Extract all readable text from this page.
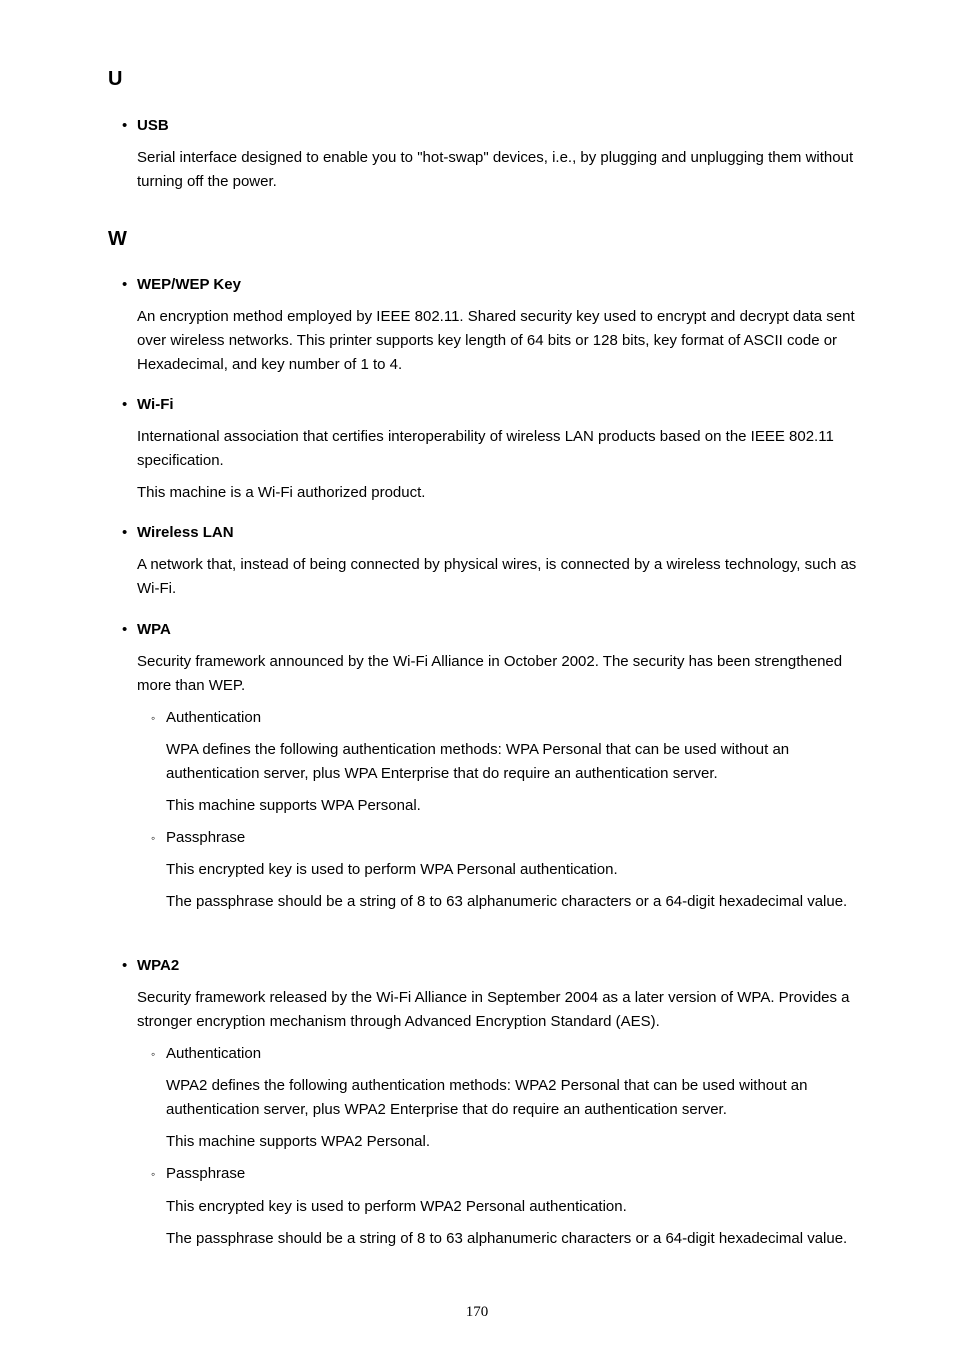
U
• USB

Serial interface designed to enable you to "hot-swap" devices, i.e., by plugging and unplugging them without turning off the power.

W
• WEP/WEP Key

An encryption method employed by IEEE 802.11. Shared security key used to encrypt and decrypt data sent over wireless networks. This printer supports key length of 64 bits or 128 bits, key format of ASCII code or Hexadecimal, and key number of 1 to 4.

• Wi-Fi

International association that certifies interoperability of wireless LAN products based on the IEEE 802.11 specification.

This machine is a Wi-Fi authorized product.

• Wireless LAN

A network that, instead of being connected by physical wires, is connected by a wireless technology, such as Wi-Fi.

• WPA

Security framework announced by the Wi-Fi Alliance in October 2002. The security has been strengthened more than WEP.

◦ Authentication

WPA defines the following authentication methods: WPA Personal that can be used without an authentication server, plus WPA Enterprise that do require an authentication server.

This machine supports WPA Personal.

◦ Passphrase

This encrypted key is used to perform WPA Personal authentication.

The passphrase should be a string of 8 to 63 alphanumeric characters or a 64-digit hexadecimal value.

• WPA2

Security framework released by the Wi-Fi Alliance in September 2004 as a later version of WPA. Provides a stronger encryption mechanism through Advanced Encryption Standard (AES).

◦ Authentication

WPA2 defines the following authentication methods: WPA2 Personal that can be used without an authentication server, plus WPA2 Enterprise that do require an authentication server.

This machine supports WPA2 Personal.

◦ Passphrase

This encrypted key is used to perform WPA2 Personal authentication.

The passphrase should be a string of 8 to 63 alphanumeric characters or a 64-digit hexadecimal value.

170
